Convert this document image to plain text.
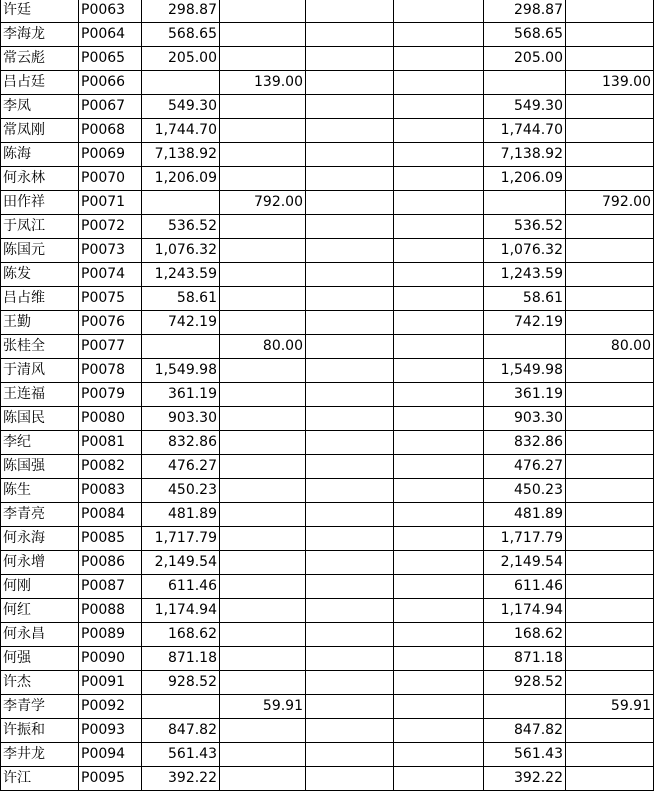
许廷	P0063	298.87				298.87	
李海龙	P0064	568.65				568.65	
常云彪	P0065	205.00				205.00	
吕占廷	P0066		139.00				139.00
李凤	P0067	549.30				549.30	
常凤刚	P0068	1,744.70				1,744.70	
陈海	P0069	7,138.92				7,138.92	
何永林	P0070	1,206.09				1,206.09	
田作祥	P0071		792.00				792.00
于凤江	P0072	536.52				536.52	
陈国元	P0073	1,076.32				1,076.32	
陈发	P0074	1,243.59				1,243.59	
吕占维	P0075	58.61				58.61	
王勤	P0076	742.19				742.19	
张桂全	P0077		80.00				80.00
于清风	P0078	1,549.98				1,549.98	
王连福	P0079	361.19				361.19	
陈国民	P0080	903.30				903.30	
李纪	P0081	832.86				832.86	
陈国强	P0082	476.27				476.27	
陈生	P0083	450.23				450.23	
李青亮	P0084	481.89				481.89	
何永海	P0085	1,717.79				1,717.79	
何永增	P0086	2,149.54				2,149.54	
何刚	P0087	611.46				611.46	
何红	P0088	1,174.94				1,174.94	
何永昌	P0089	168.62				168.62	
何强	P0090	871.18				871.18	
许杰	P0091	928.52				928.52	
李青学	P0092		59.91				59.91
许振和	P0093	847.82				847.82	
李井龙	P0094	561.43				561.43	
许江	P0095	392.22				392.22	
